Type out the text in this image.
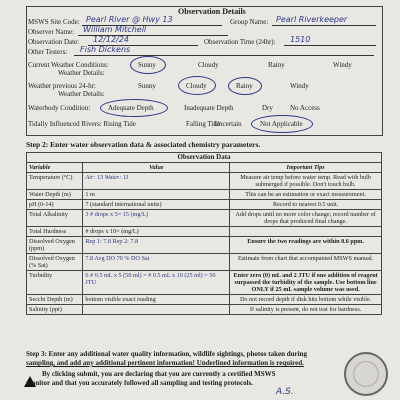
Observation Details
MSWS Site Code: Pearl River @ Hwy 13	Group Name: Pearl Riverkeeper
Observer Name: William Mitchell
Observation Date: 12/12/24	Observation Time (24hr): 1510
Other Testers: Fish Dickens
Current Weather Conditions:
Weather Details:
Sunny	Cloudy	Rainy	Windy
Weather previous 24-hr:
Weather Details:
Sunny	Cloudy	Rainy	Windy
Waterbody Condition:	Adequate Depth	Inadequate Depth	Dry No Access
Tidally Influenced Rivers: Rising Tide	Falling Tide
Uncertain	Not Applicable
Step 2: Enter water observation data & associated chemistry parameters.
Observation Data		
Variable	Value	Important Tips
Temperature (°C)	Air: 13 Water: 11	Measure air temp before water temp. Read with bulb submerged if possible. Don't touch bulb.
Water Depth (m)	1 m	This can be an estimation or exact measurement.
pH (0-14)	7 (standard international units)	Record to nearest 0.5 unit.
Total Alkalinity	3 # drops x 5= 15 (mg/L)	Add drops until no more color change; record number of drops that produced final change.
Total Hardness	# drops x 10= (mg/L)	
Dissolved Oxygen (ppm)	Rep 1: 7.8 Rep 2: 7.8	Ensure the two readings are within 0.6 ppm.
Dissolved Oxygen (% Sat)	7.8 Avg DO 70 % DO Sat	Estimate from chart that accompanied MSWS manual.
Turbidity	6 # 0.5 mL x 5 (50 ml) = # 0.5 mL x 10 (25 ml) = 50 JTU	Enter zero (0) mL and 2 JTU if one addition of reagent surpassed the turbidity of the sample. Use bottom line ONLY if 25 mL sample volume was used.
Secchi Depth (m)	bottom visible exact reading	Do not record depth if disk hits bottom while visible.
Salinity (ppt)		If salinity is present, do not test for hardness.
Step 3: Enter any additional water quality information, wildlife sightings, photos taken during
sampling, and add any additional pertinent information! Underlined information is required.
By clicking submit, you are declaring that you are currently a certified MSWS
monitor and that you accurately followed all sampling and testing protocols.
A.S.
